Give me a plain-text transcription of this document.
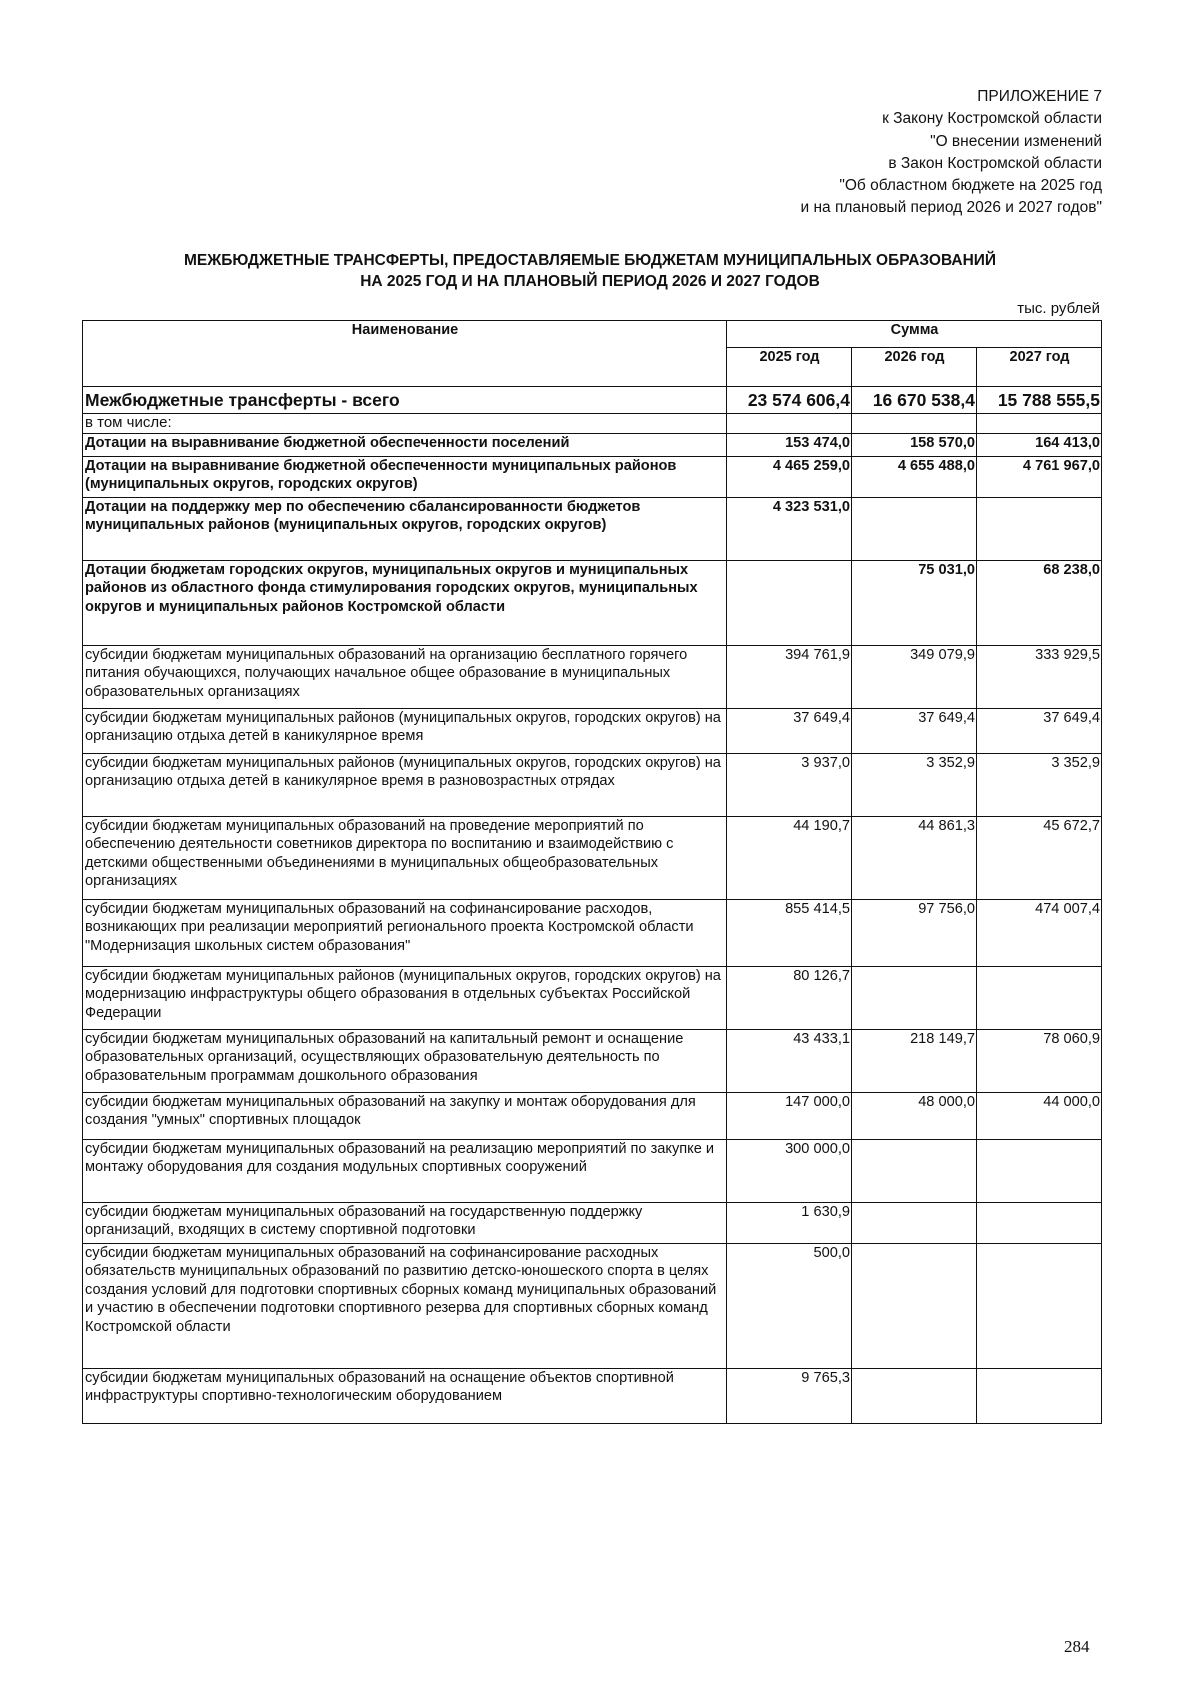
ПРИЛОЖЕНИЕ 7
к Закону Костромской области
"О внесении изменений
в Закон Костромской области
"Об областном бюджете на 2025 год
и на плановый период 2026 и 2027 годов"
МЕЖБЮДЖЕТНЫЕ ТРАНСФЕРТЫ, ПРЕДОСТАВЛЯЕМЫЕ БЮДЖЕТАМ МУНИЦИПАЛЬНЫХ ОБРАЗОВАНИЙ
НА 2025 ГОД И НА ПЛАНОВЫЙ ПЕРИОД 2026 И 2027 ГОДОВ
тыс. рублей
Наименование	Сумма		
	2025 год	2026 год	2027 год
Межбюджетные трансферты - всего	23 574 606,4	16 670 538,4	15 788 555,5
в том числе:			
Дотации на выравнивание бюджетной обеспеченности поселений	153 474,0	158 570,0	164 413,0
Дотации на выравнивание бюджетной обеспеченности муниципальных районов (муниципальных округов, городских округов)	4 465 259,0	4 655 488,0	4 761 967,0
Дотации на поддержку мер по обеспечению сбалансированности бюджетов муниципальных районов (муниципальных округов, городских округов)	4 323 531,0		
Дотации бюджетам городских округов, муниципальных округов и муниципальных районов из областного фонда стимулирования городских округов, муниципальных округов и муниципальных районов Костромской области		75 031,0	68 238,0
субсидии бюджетам муниципальных образований на организацию бесплатного горячего питания обучающихся, получающих начальное общее образование в муниципальных образовательных организациях	394 761,9	349 079,9	333 929,5
субсидии бюджетам муниципальных районов (муниципальных округов, городских округов) на организацию отдыха детей в каникулярное время	37 649,4	37 649,4	37 649,4
субсидии бюджетам муниципальных районов (муниципальных округов, городских округов) на организацию отдыха детей в каникулярное время в разновозрастных отрядах	3 937,0	3 352,9	3 352,9
субсидии бюджетам муниципальных образований на проведение мероприятий по обеспечению деятельности советников директора по воспитанию и взаимодействию с детскими общественными объединениями в муниципальных общеобразовательных организациях	44 190,7	44 861,3	45 672,7
субсидии бюджетам муниципальных образований на софинансирование расходов, возникающих при реализации мероприятий регионального проекта Костромской области "Модернизация школьных систем образования"	855 414,5	97 756,0	474 007,4
субсидии бюджетам муниципальных районов (муниципальных округов, городских округов) на модернизацию инфраструктуры общего образования в отдельных субъектах Российской Федерации	80 126,7		
субсидии бюджетам муниципальных образований на капитальный ремонт и оснащение образовательных организаций, осуществляющих образовательную деятельность по образовательным программам дошкольного образования	43 433,1	218 149,7	78 060,9
субсидии бюджетам муниципальных образований на закупку и монтаж оборудования для создания "умных" спортивных площадок	147 000,0	48 000,0	44 000,0
субсидии бюджетам муниципальных образований на реализацию мероприятий по закупке и монтажу оборудования для создания модульных спортивных сооружений	300 000,0		
субсидии бюджетам муниципальных образований на государственную поддержку организаций, входящих в систему спортивной подготовки	1 630,9		
субсидии бюджетам муниципальных образований на софинансирование расходных обязательств муниципальных образований по развитию детско-юношеского спорта в целях создания условий для подготовки спортивных сборных команд муниципальных образований и участию в обеспечении подготовки спортивного резерва для спортивных сборных команд Костромской области	500,0		
субсидии бюджетам муниципальных образований на оснащение объектов спортивной инфраструктуры спортивно-технологическим оборудованием	9 765,3		
284
